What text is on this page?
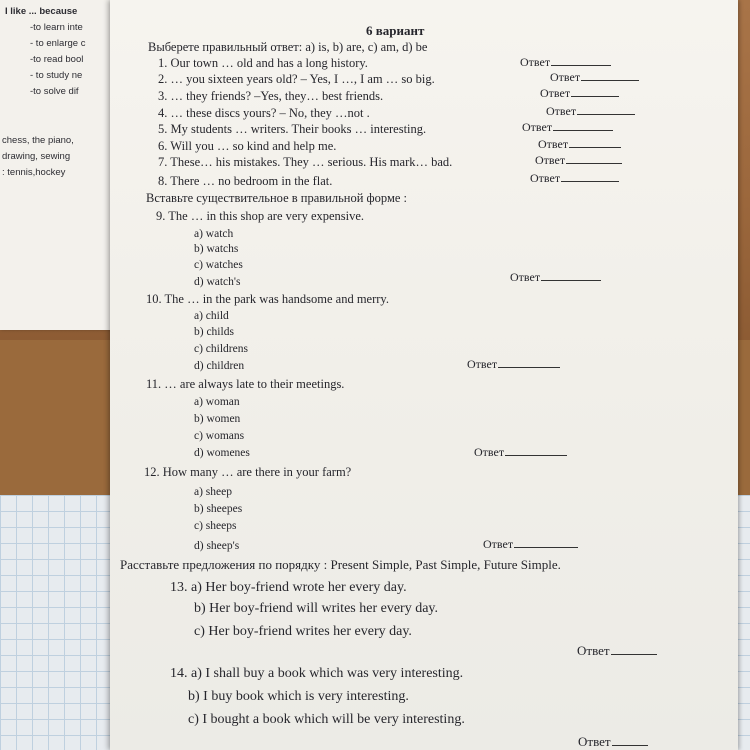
I like ... because
-to learn inte
- to enlarge c
-to read bool
- to study ne
-to solve dif
chess, the piano,
drawing, sewing
: tennis,hockey
6 вариант
Выберете правильный ответ: a) is, b) are, c) am, d) be
1. Our town … old and has a long history.
2. … you sixteen years old? – Yes, I …, I am … so big.
3. … they friends? –Yes, they… best friends.
4. … these discs yours? – No, they …not .
5. My students … writers. Their books … interesting.
6. Will you … so kind and help me.
7. These… his mistakes. They … serious. His mark… bad.
8. There … no bedroom in the flat.
Ответ
Ответ
Ответ
Ответ
Ответ
Ответ
Ответ
Ответ
Вставьте существительное в правильной форме :
9. The … in this shop are very expensive.
a) watch
b) watchs
c) watches
d) watch's	Ответ
10. The … in the park was handsome and merry.
a) child
b) childs
c) childrens
d) children	Ответ
11. … are always late to their meetings.
a) woman
b) women
c) womans
d) womenes	Ответ
12. How many … are there in your farm?
a) sheep
b) sheepes
c) sheeps
d) sheep's	Ответ
Расставьте предложения по порядку : Present Simple, Past Simple, Future Simple.
13. a) Her boy-friend wrote her every day.
b) Her boy-friend will writes her every day.
c) Her boy-friend writes her every day.
Ответ
14. a) I shall buy a book which was very interesting.
b) I buy book which is very interesting.
c) I bought a book which will be very interesting.
Ответ
